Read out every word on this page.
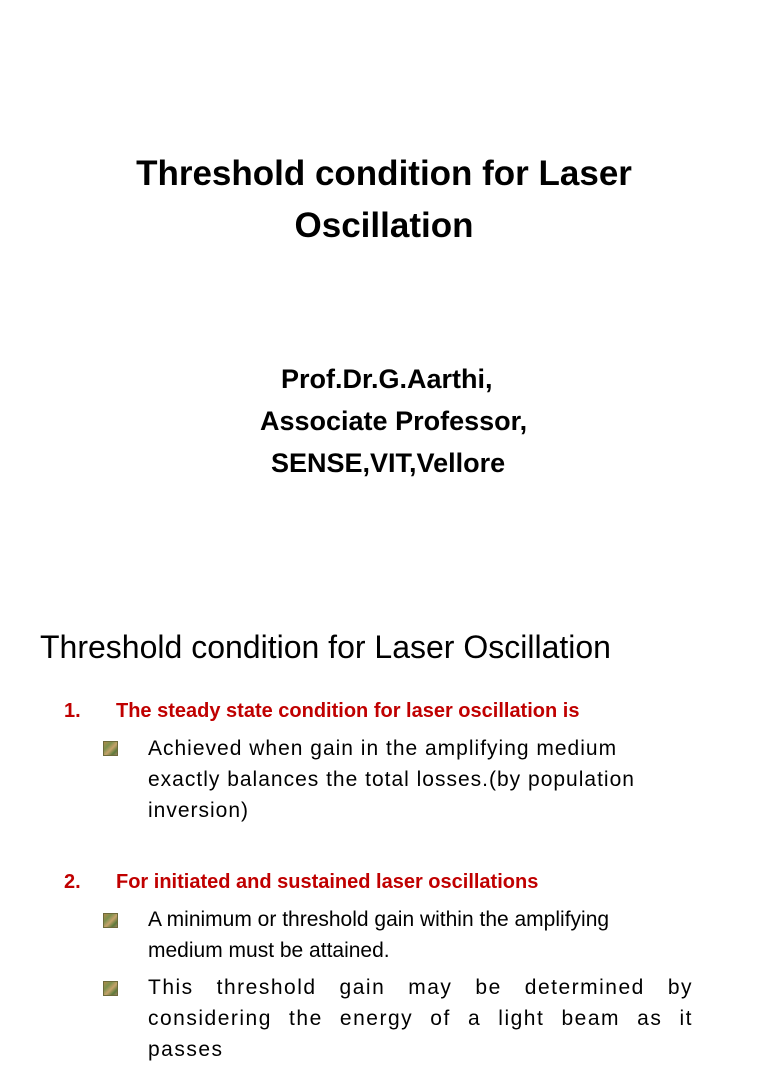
Threshold condition for Laser
Oscillation
Prof.Dr.G.Aarthi,
Associate Professor,
SENSE,VIT,Vellore
Threshold condition for Laser Oscillation
1. The steady state condition for laser oscillation is
Achieved when gain in the amplifying medium
exactly balances the total losses.(by population
inversion)
2. For initiated and sustained laser oscillations
A minimum or threshold gain within the amplifying
medium must be attained.
This threshold gain may be determined by
considering the energy of a light beam as it passes
